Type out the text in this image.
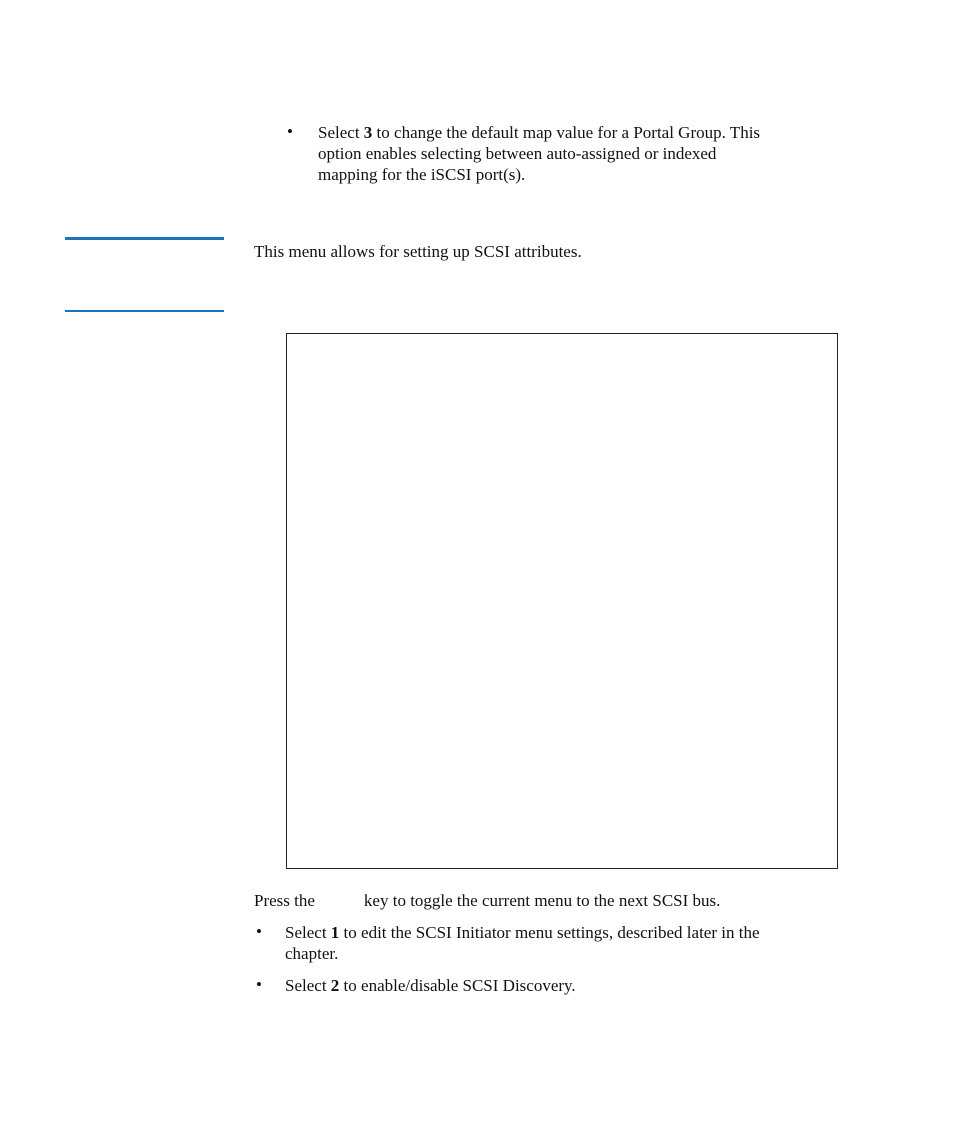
• Select 3 to change the default map value for a Portal Group. This
option enables selecting between auto-assigned or indexed
mapping for the iSCSI port(s).
This menu allows for setting up SCSI attributes.
Press the	key to toggle the current menu to the next SCSI bus.
• Select 1 to edit the SCSI Initiator menu settings, described later in the
chapter.
• Select 2 to enable/disable SCSI Discovery.
